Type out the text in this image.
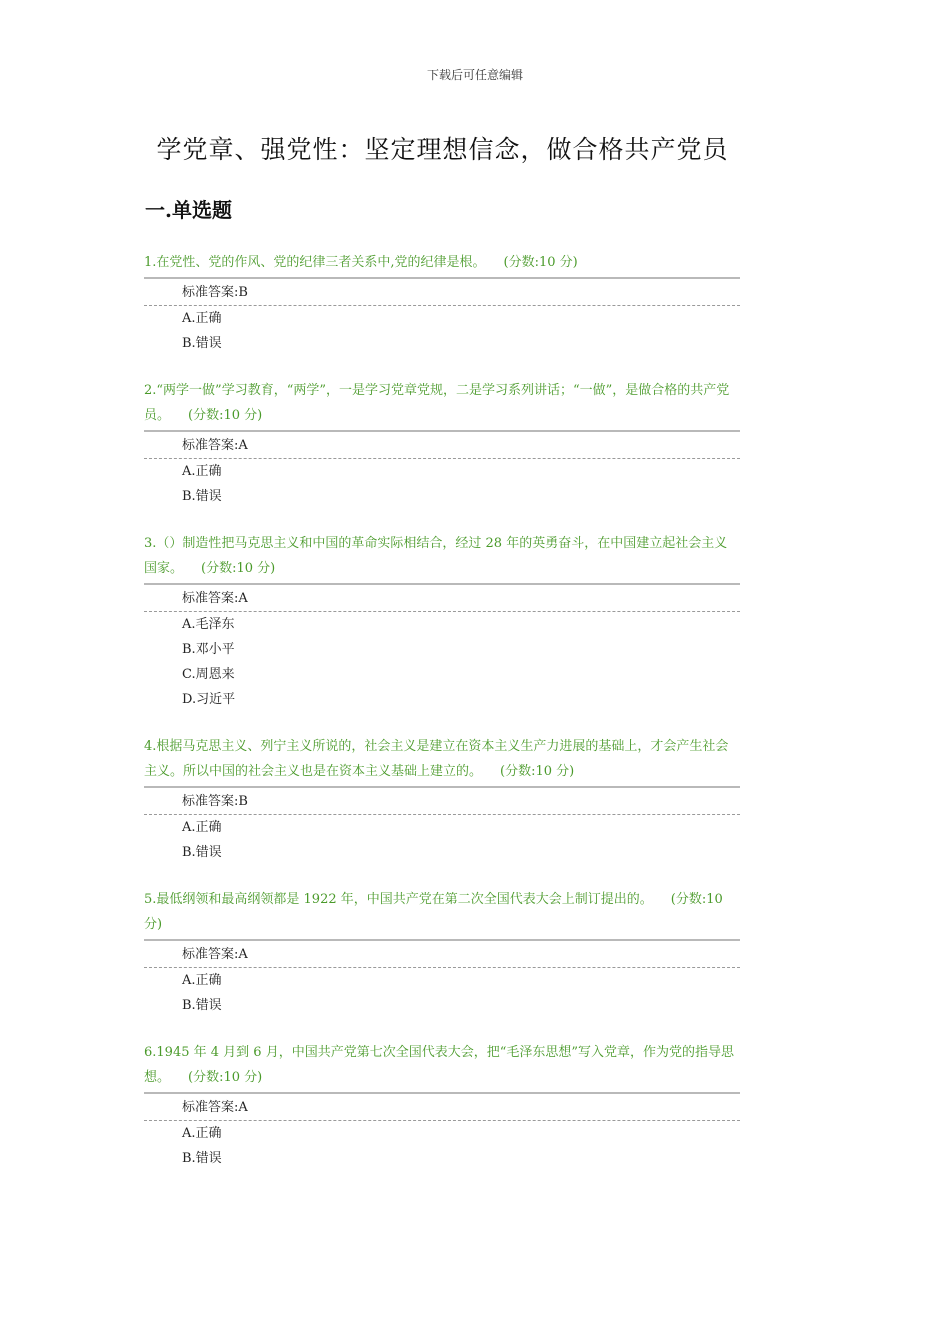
下载后可任意编辑
学党章、强党性：坚定理想信念，做合格共产党员
一.单选题

1.在党性、党的作风、党的纪律三者关系中,党的纪律是根。 (分数:10 分)

标准答案:B
A.正确
B.错误

2.“两学一做”学习教育，“两学”，一是学习党章党规，二是学习系列讲话；“一做”，是做合格的共产党员。 (分数:10 分)

标准答案:A
A.正确
B.错误

3.（）制造性把马克思主义和中国的革命实际相结合，经过 28 年的英勇奋斗，在中国建立起社会主义国家。 (分数:10 分)

标准答案:A
A.毛泽东
B.邓小平
C.周恩来
D.习近平

4.根据马克思主义、列宁主义所说的，社会主义是建立在资本主义生产力进展的基础上，才会产生社会主义。所以中国的社会主义也是在资本主义基础上建立的。 (分数:10 分)

标准答案:B
A.正确
B.错误

5.最低纲领和最高纲领都是 1922 年，中国共产党在第二次全国代表大会上制订提出的。 (分数:10 分)

标准答案:A
A.正确
B.错误

6.1945 年 4 月到 6 月，中国共产党第七次全国代表大会，把“毛泽东思想”写入党章，作为党的指导思想。 (分数:10 分)

标准答案:A
A.正确
B.错误
